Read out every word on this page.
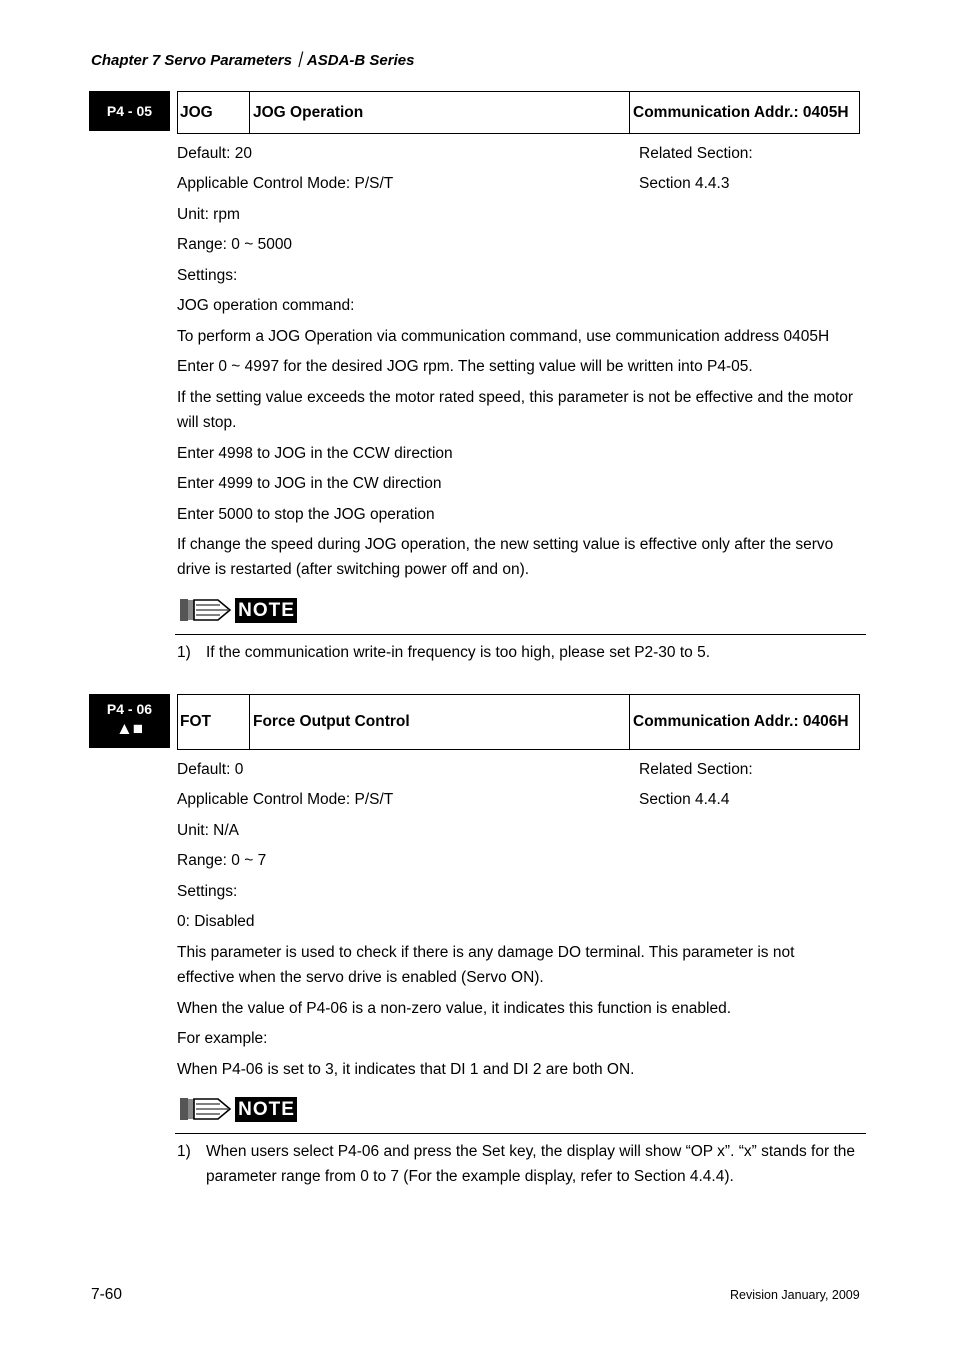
Chapter 7 Servo Parameters｜ASDA-B Series
P4 - 05	JOG	JOG Operation	Communication Addr.: 0405H
Default: 20	Related Section:
Applicable Control Mode: P/S/T	Section 4.4.3
Unit: rpm
Range: 0 ~ 5000
Settings:
JOG operation command:
To perform a JOG Operation via communication command, use communication address 0405H
Enter 0 ~ 4997 for the desired JOG rpm. The setting value will be written into P4-05.
If the setting value exceeds the motor rated speed, this parameter is not be effective and the motor will stop.
Enter 4998 to JOG in the CCW direction
Enter 4999 to JOG in the CW direction
Enter 5000 to stop the JOG operation
If change the speed during JOG operation, the new setting value is effective only after the servo drive is restarted (after switching power off and on).
NOTE
1) If the communication write-in frequency is too high, please set P2-30 to 5.
P4 - 06
▲■	FOT	Force Output Control	Communication Addr.: 0406H
Default: 0	Related Section:
Applicable Control Mode: P/S/T	Section 4.4.4
Unit: N/A
Range: 0 ~ 7
Settings:
0: Disabled
This parameter is used to check if there is any damage DO terminal. This parameter is not effective when the servo drive is enabled (Servo ON).
When the value of P4-06 is a non-zero value, it indicates this function is enabled.
For example:
When P4-06 is set to 3, it indicates that DI 1 and DI 2 are both ON.
NOTE
1) When users select P4-06 and press the Set key, the display will show “OP x”. “x” stands for the parameter range from 0 to 7 (For the example display, refer to Section 4.4.4).
7-60	Revision January, 2009
